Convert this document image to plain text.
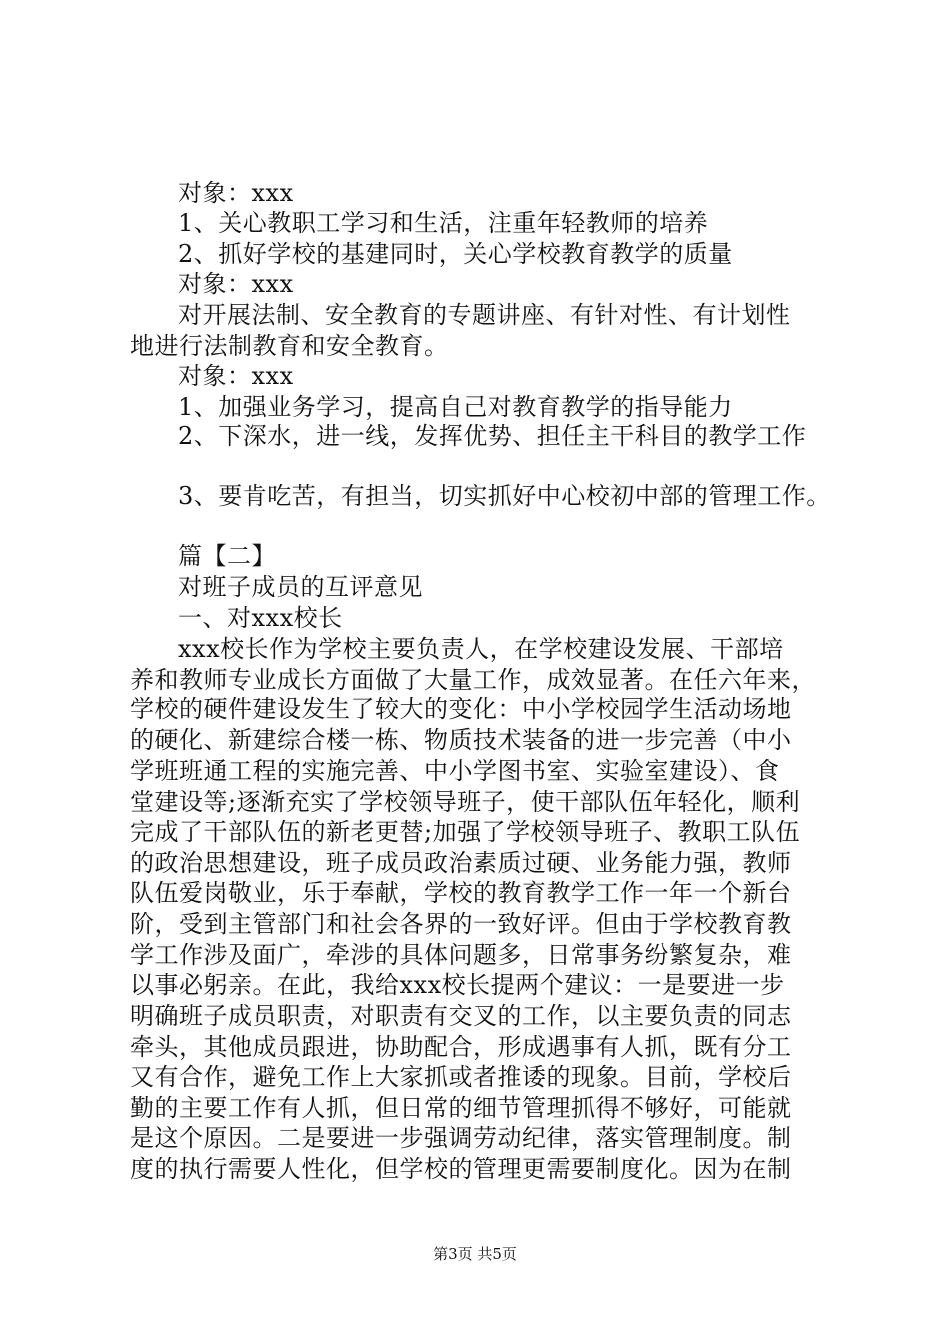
对象：xxx
1、关心教职工学习和生活，注重年轻教师的培养
2、抓好学校的基建同时，关心学校教育教学的质量
对象：xxx
对开展法制、安全教育的专题讲座、有针对性、有计划性
地进行法制教育和安全教育。
对象：xxx
1、加强业务学习，提高自己对教育教学的指导能力
2、下深水，进一线，发挥优势、担任主干科目的教学工作
3、要肯吃苦，有担当，切实抓好中心校初中部的管理工作。
篇【二】
对班子成员的互评意见
一、对xxx校长
xxx校长作为学校主要负责人，在学校建设发展、干部培
养和教师专业成长方面做了大量工作，成效显著。在任六年来，
学校的硬件建设发生了较大的变化：中小学校园学生活动场地
的硬化、新建综合楼一栋、物质技术装备的进一步完善（中小
学班班通工程的实施完善、中小学图书室、实验室建设）、食
堂建设等;逐渐充实了学校领导班子，使干部队伍年轻化，顺利
完成了干部队伍的新老更替;加强了学校领导班子、教职工队伍
的政治思想建设，班子成员政治素质过硬、业务能力强，教师
队伍爱岗敬业，乐于奉献，学校的教育教学工作一年一个新台
阶，受到主管部门和社会各界的一致好评。但由于学校教育教
学工作涉及面广，牵涉的具体问题多，日常事务纷繁复杂，难
以事必躬亲。在此，我给xxx校长提两个建议：一是要进一步
明确班子成员职责，对职责有交叉的工作，以主要负责的同志
牵头，其他成员跟进，协助配合，形成遇事有人抓，既有分工
又有合作，避免工作上大家抓或者推诿的现象。目前，学校后
勤的主要工作有人抓，但日常的细节管理抓得不够好，可能就
是这个原因。二是要进一步强调劳动纪律，落实管理制度。制
度的执行需要人性化，但学校的管理更需要制度化。因为在制
第3页 共5页
